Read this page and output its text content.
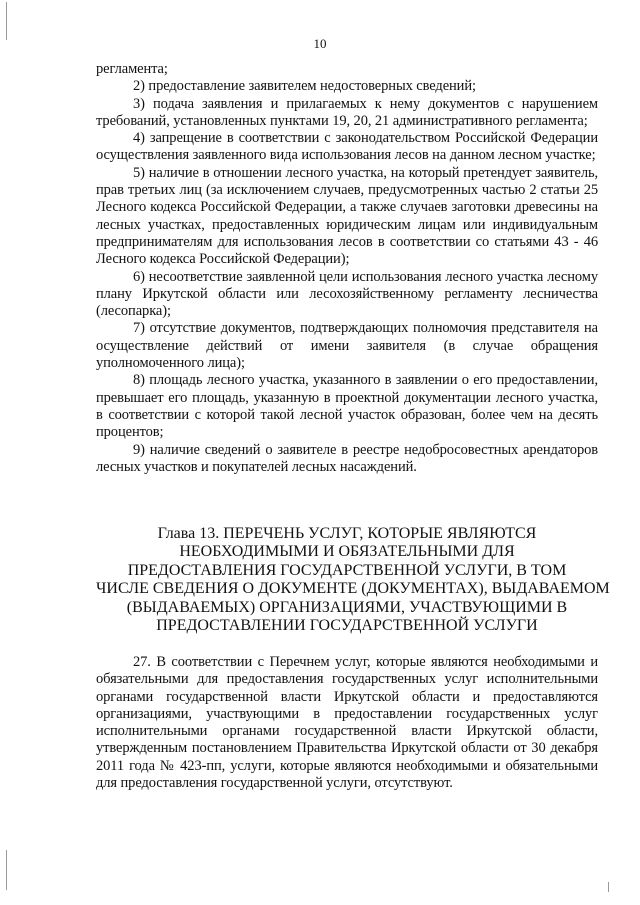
10

регламента;

2) предоставление заявителем недостоверных сведений;

3) подача заявления и прилагаемых к нему документов с нарушением требований, установленных пунктами 19, 20, 21 административного регламента;

4) запрещение в соответствии с законодательством Российской Федерации осуществления заявленного вида использования лесов на данном лесном участке;

5) наличие в отношении лесного участка, на который претендует заявитель, прав третьих лиц (за исключением случаев, предусмотренных частью 2 статьи 25 Лесного кодекса Российской Федерации, а также случаев заготовки древесины на лесных участках, предоставленных юридическим лицам или индивидуальным предпринимателям для использования лесов в соответствии со статьями 43 - 46 Лесного кодекса Российской Федерации);

6) несоответствие заявленной цели использования лесного участка лесному плану Иркутской области или лесохозяйственному регламенту лесничества (лесопарка);

7) отсутствие документов, подтверждающих полномочия представителя на осуществление действий от имени заявителя (в случае обращения уполномоченного лица);

8) площадь лесного участка, указанного в заявлении о его предоставлении, превышает его площадь, указанную в проектной документации лесного участка, в соответствии с которой такой лесной участок образован, более чем на десять процентов;

9) наличие сведений о заявителе в реестре недобросовестных арендаторов лесных участков и покупателей лесных насаждений.

Глава 13. ПЕРЕЧЕНЬ УСЛУГ, КОТОРЫЕ ЯВЛЯЮТСЯ
НЕОБХОДИМЫМИ И ОБЯЗАТЕЛЬНЫМИ ДЛЯ
ПРЕДОСТАВЛЕНИЯ ГОСУДАРСТВЕННОЙ УСЛУГИ, В ТОМ
ЧИСЛЕ СВЕДЕНИЯ О ДОКУМЕНТЕ (ДОКУМЕНТАХ), ВЫДАВАЕМОМ
(ВЫДАВАЕМЫХ) ОРГАНИЗАЦИЯМИ, УЧАСТВУЮЩИМИ В
ПРЕДОСТАВЛЕНИИ ГОСУДАРСТВЕННОЙ УСЛУГИ

27. В соответствии с Перечнем услуг, которые являются необходимыми и обязательными для предоставления государственных услуг исполнительными органами государственной власти Иркутской области и предоставляются организациями, участвующими в предоставлении государственных услуг исполнительными органами государственной власти Иркутской области, утвержденным постановлением Правительства Иркутской области от 30 декабря 2011 года № 423-пп, услуги, которые являются необходимыми и обязательными для предоставления государственной услуги, отсутствуют.
